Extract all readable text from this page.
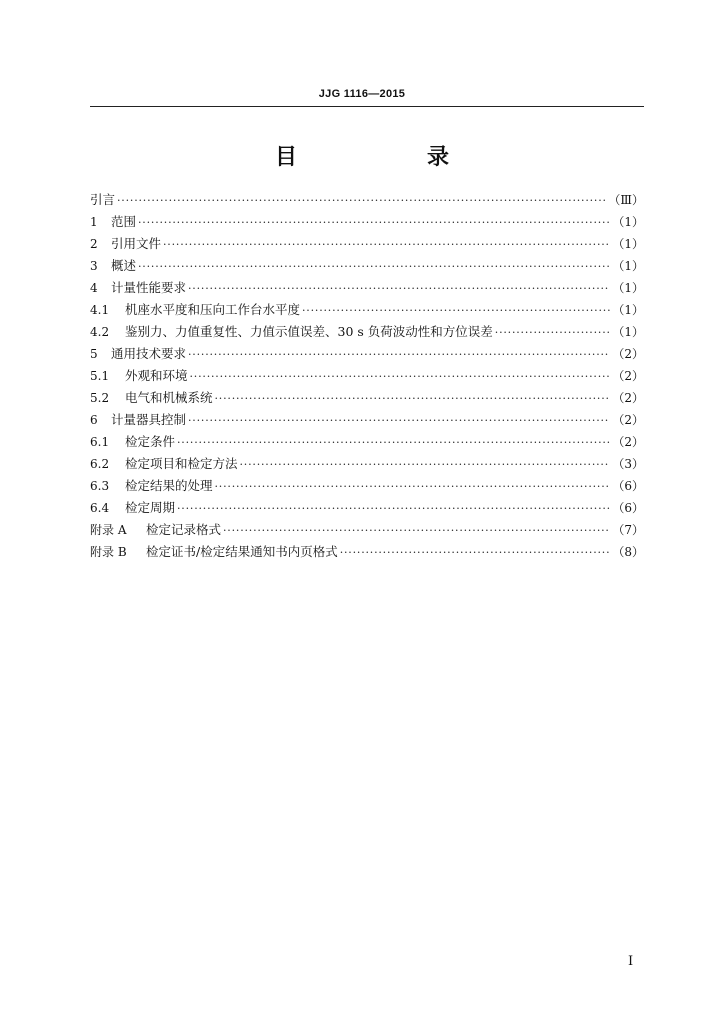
JJG 1116—2015
目　录
引言 ·····	（Ⅲ）
1	范围 ·····	（1）
2	引用文件 ·····	（1）
3	概述 ·····	（1）
4	计量性能要求 ·····	（1）
4.1	机座水平度和压向工作台水平度 ·····	（1）
4.2	鉴别力、力值重复性、力值示值误差、30 s 负荷波动性和方位误差 ·····	（1）
5	通用技术要求 ·····	（2）
5.1	外观和环境 ·····	（2）
5.2	电气和机械系统 ·····	（2）
6	计量器具控制 ·····	（2）
6.1	检定条件 ·····	（2）
6.2	检定项目和检定方法 ·····	（3）
6.3	检定结果的处理 ·····	（6）
6.4	检定周期 ·····	（6）
附录 A	检定记录格式 ·····	（7）
附录 B	检定证书/检定结果通知书内页格式 ·····	（8）
I
